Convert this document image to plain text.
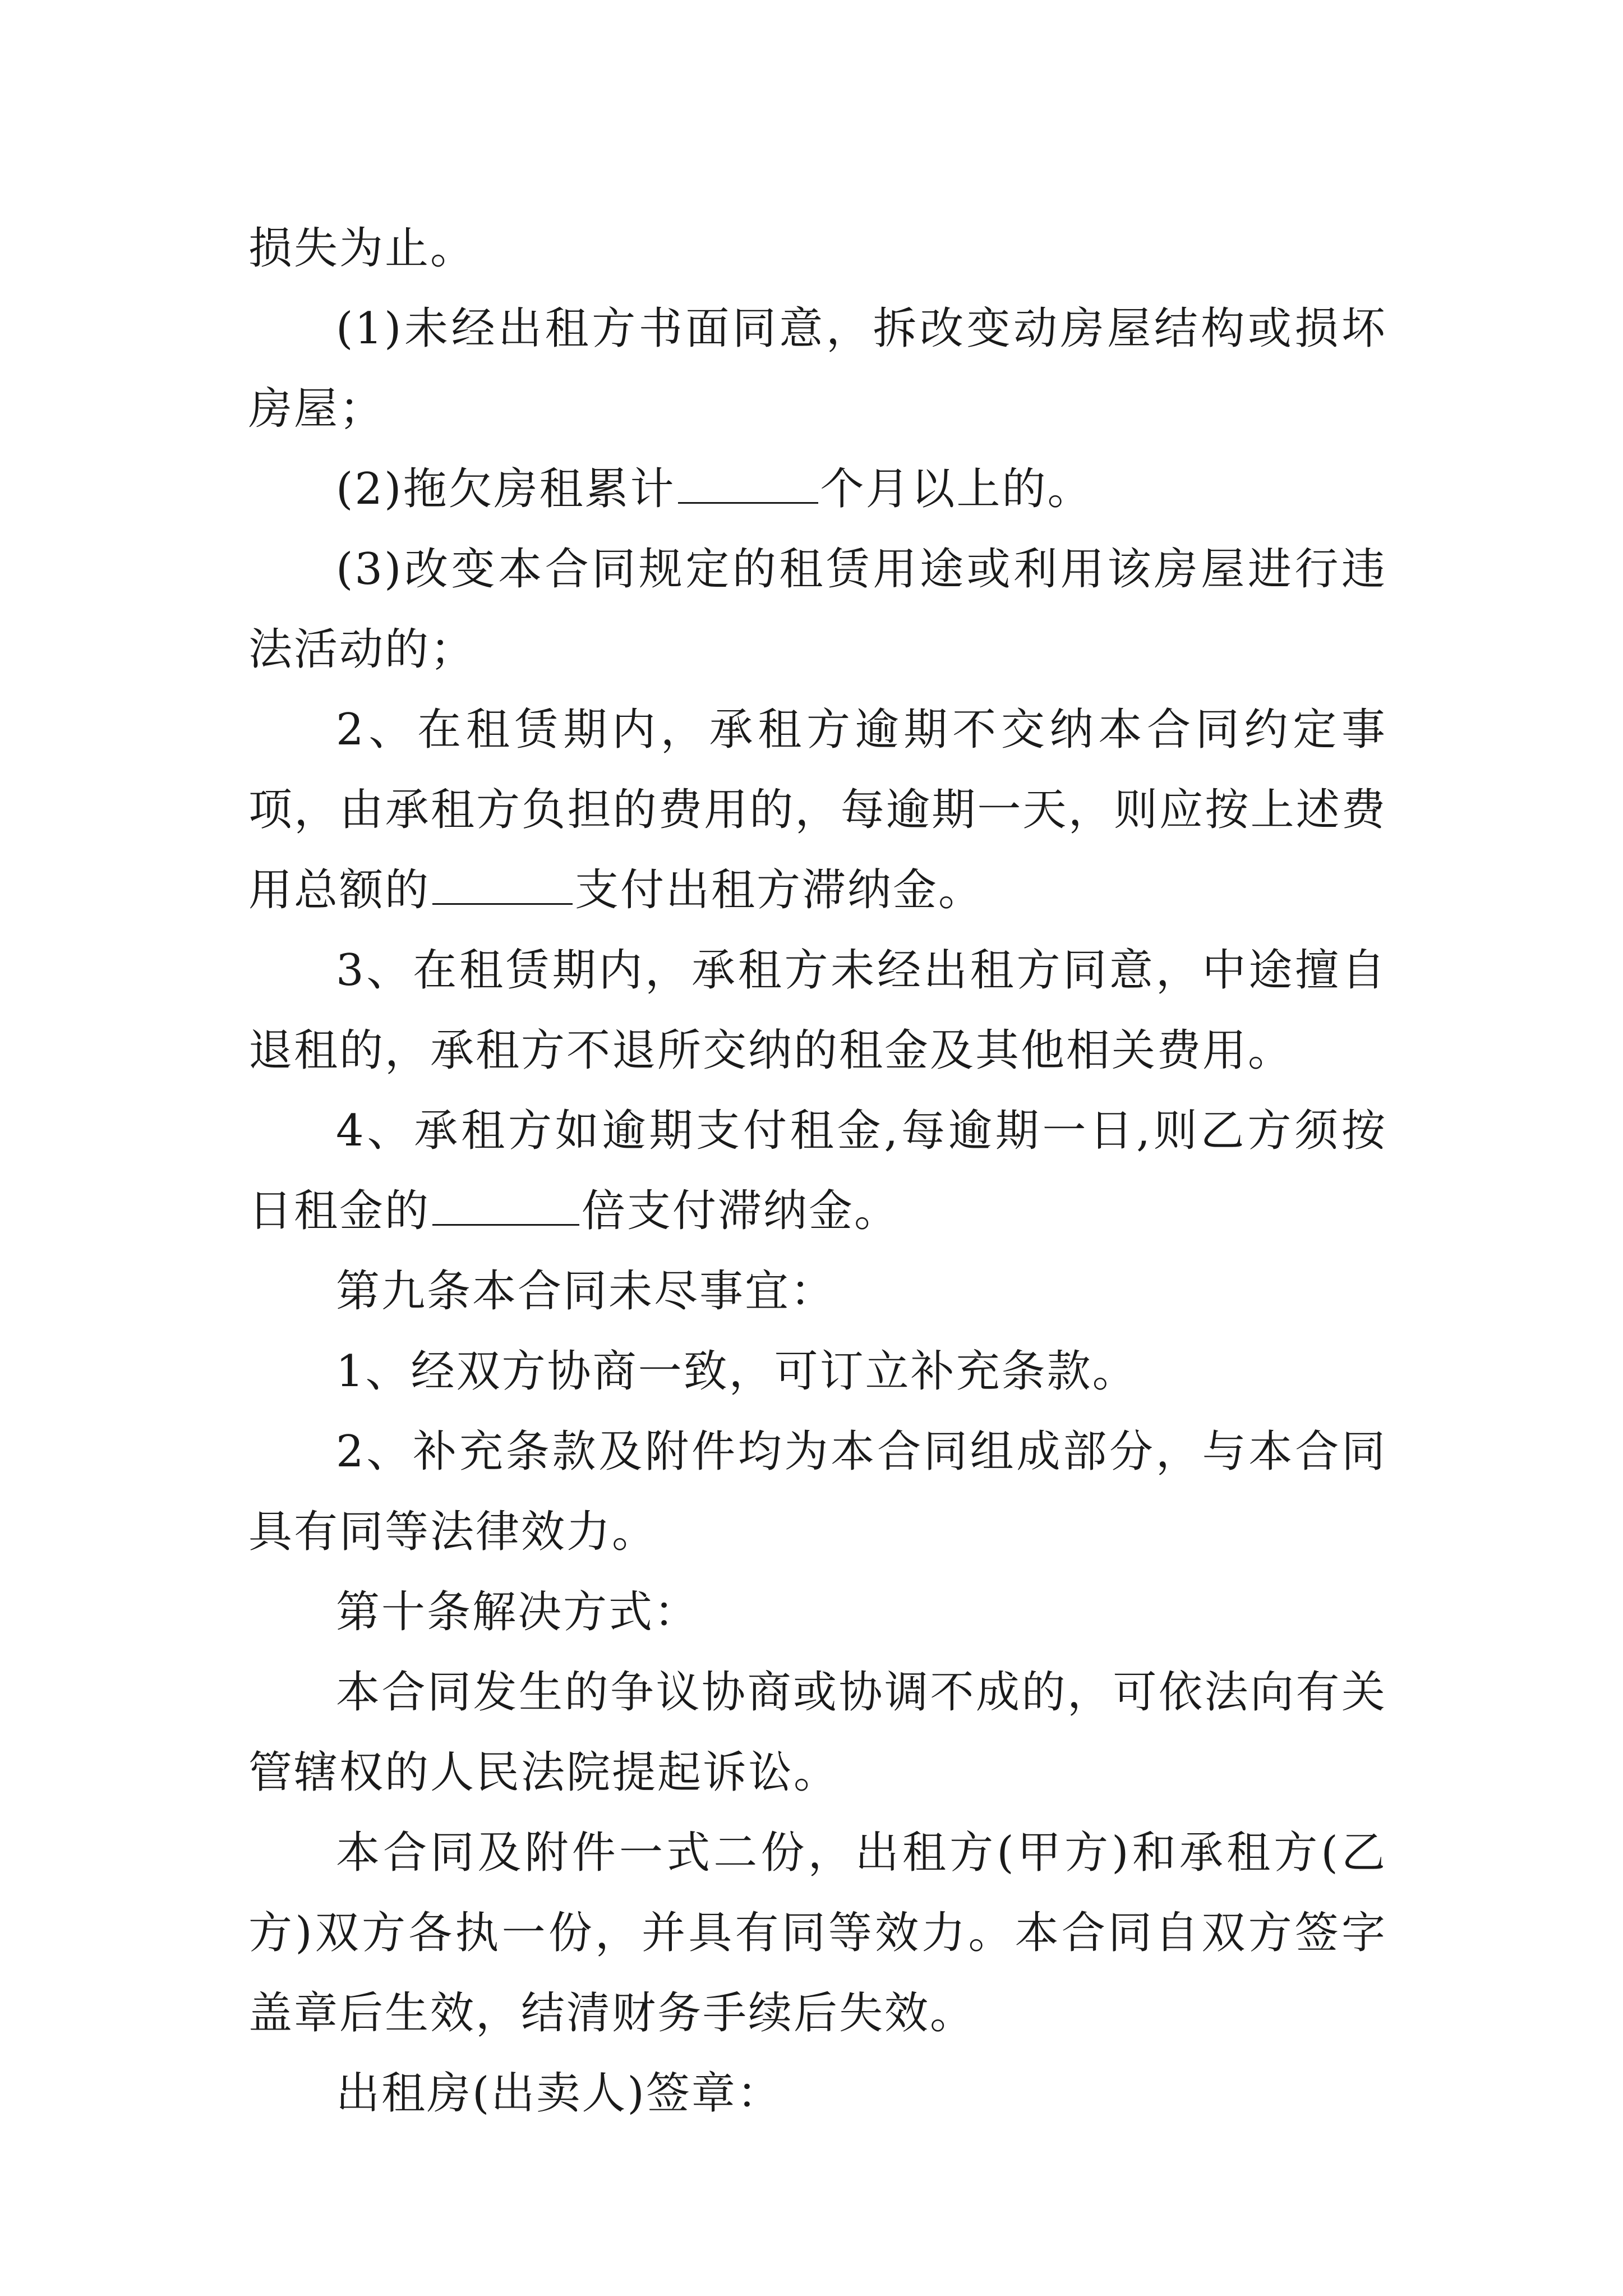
损失为止。

(1)未经出租方书面同意，拆改变动房屋结构或损坏房屋；

(2)拖欠房租累计	个月以上的。

(3)改变本合同规定的租赁用途或利用该房屋进行违法活动的；

2、在租赁期内，承租方逾期不交纳本合同约定事项，由承租方负担的费用的，每逾期一天，则应按上述费用总额的	支付出租方滞纳金。

3、在租赁期内，承租方未经出租方同意，中途擅自退租的，承租方不退所交纳的租金及其他相关费用。

4、承租方如逾期支付租金,每逾期一日,则乙方须按日租金的	倍支付滞纳金。

第九条本合同未尽事宜：

1、经双方协商一致，可订立补充条款。

2、补充条款及附件均为本合同组成部分，与本合同具有同等法律效力。

第十条解决方式：

本合同发生的争议协商或协调不成的，可依法向有关管辖权的人民法院提起诉讼。

本合同及附件一式二份，出租方(甲方)和承租方(乙方)双方各执一份，并具有同等效力。本合同自双方签字盖章后生效，结清财务手续后失效。

出租房(出卖人)签章：
